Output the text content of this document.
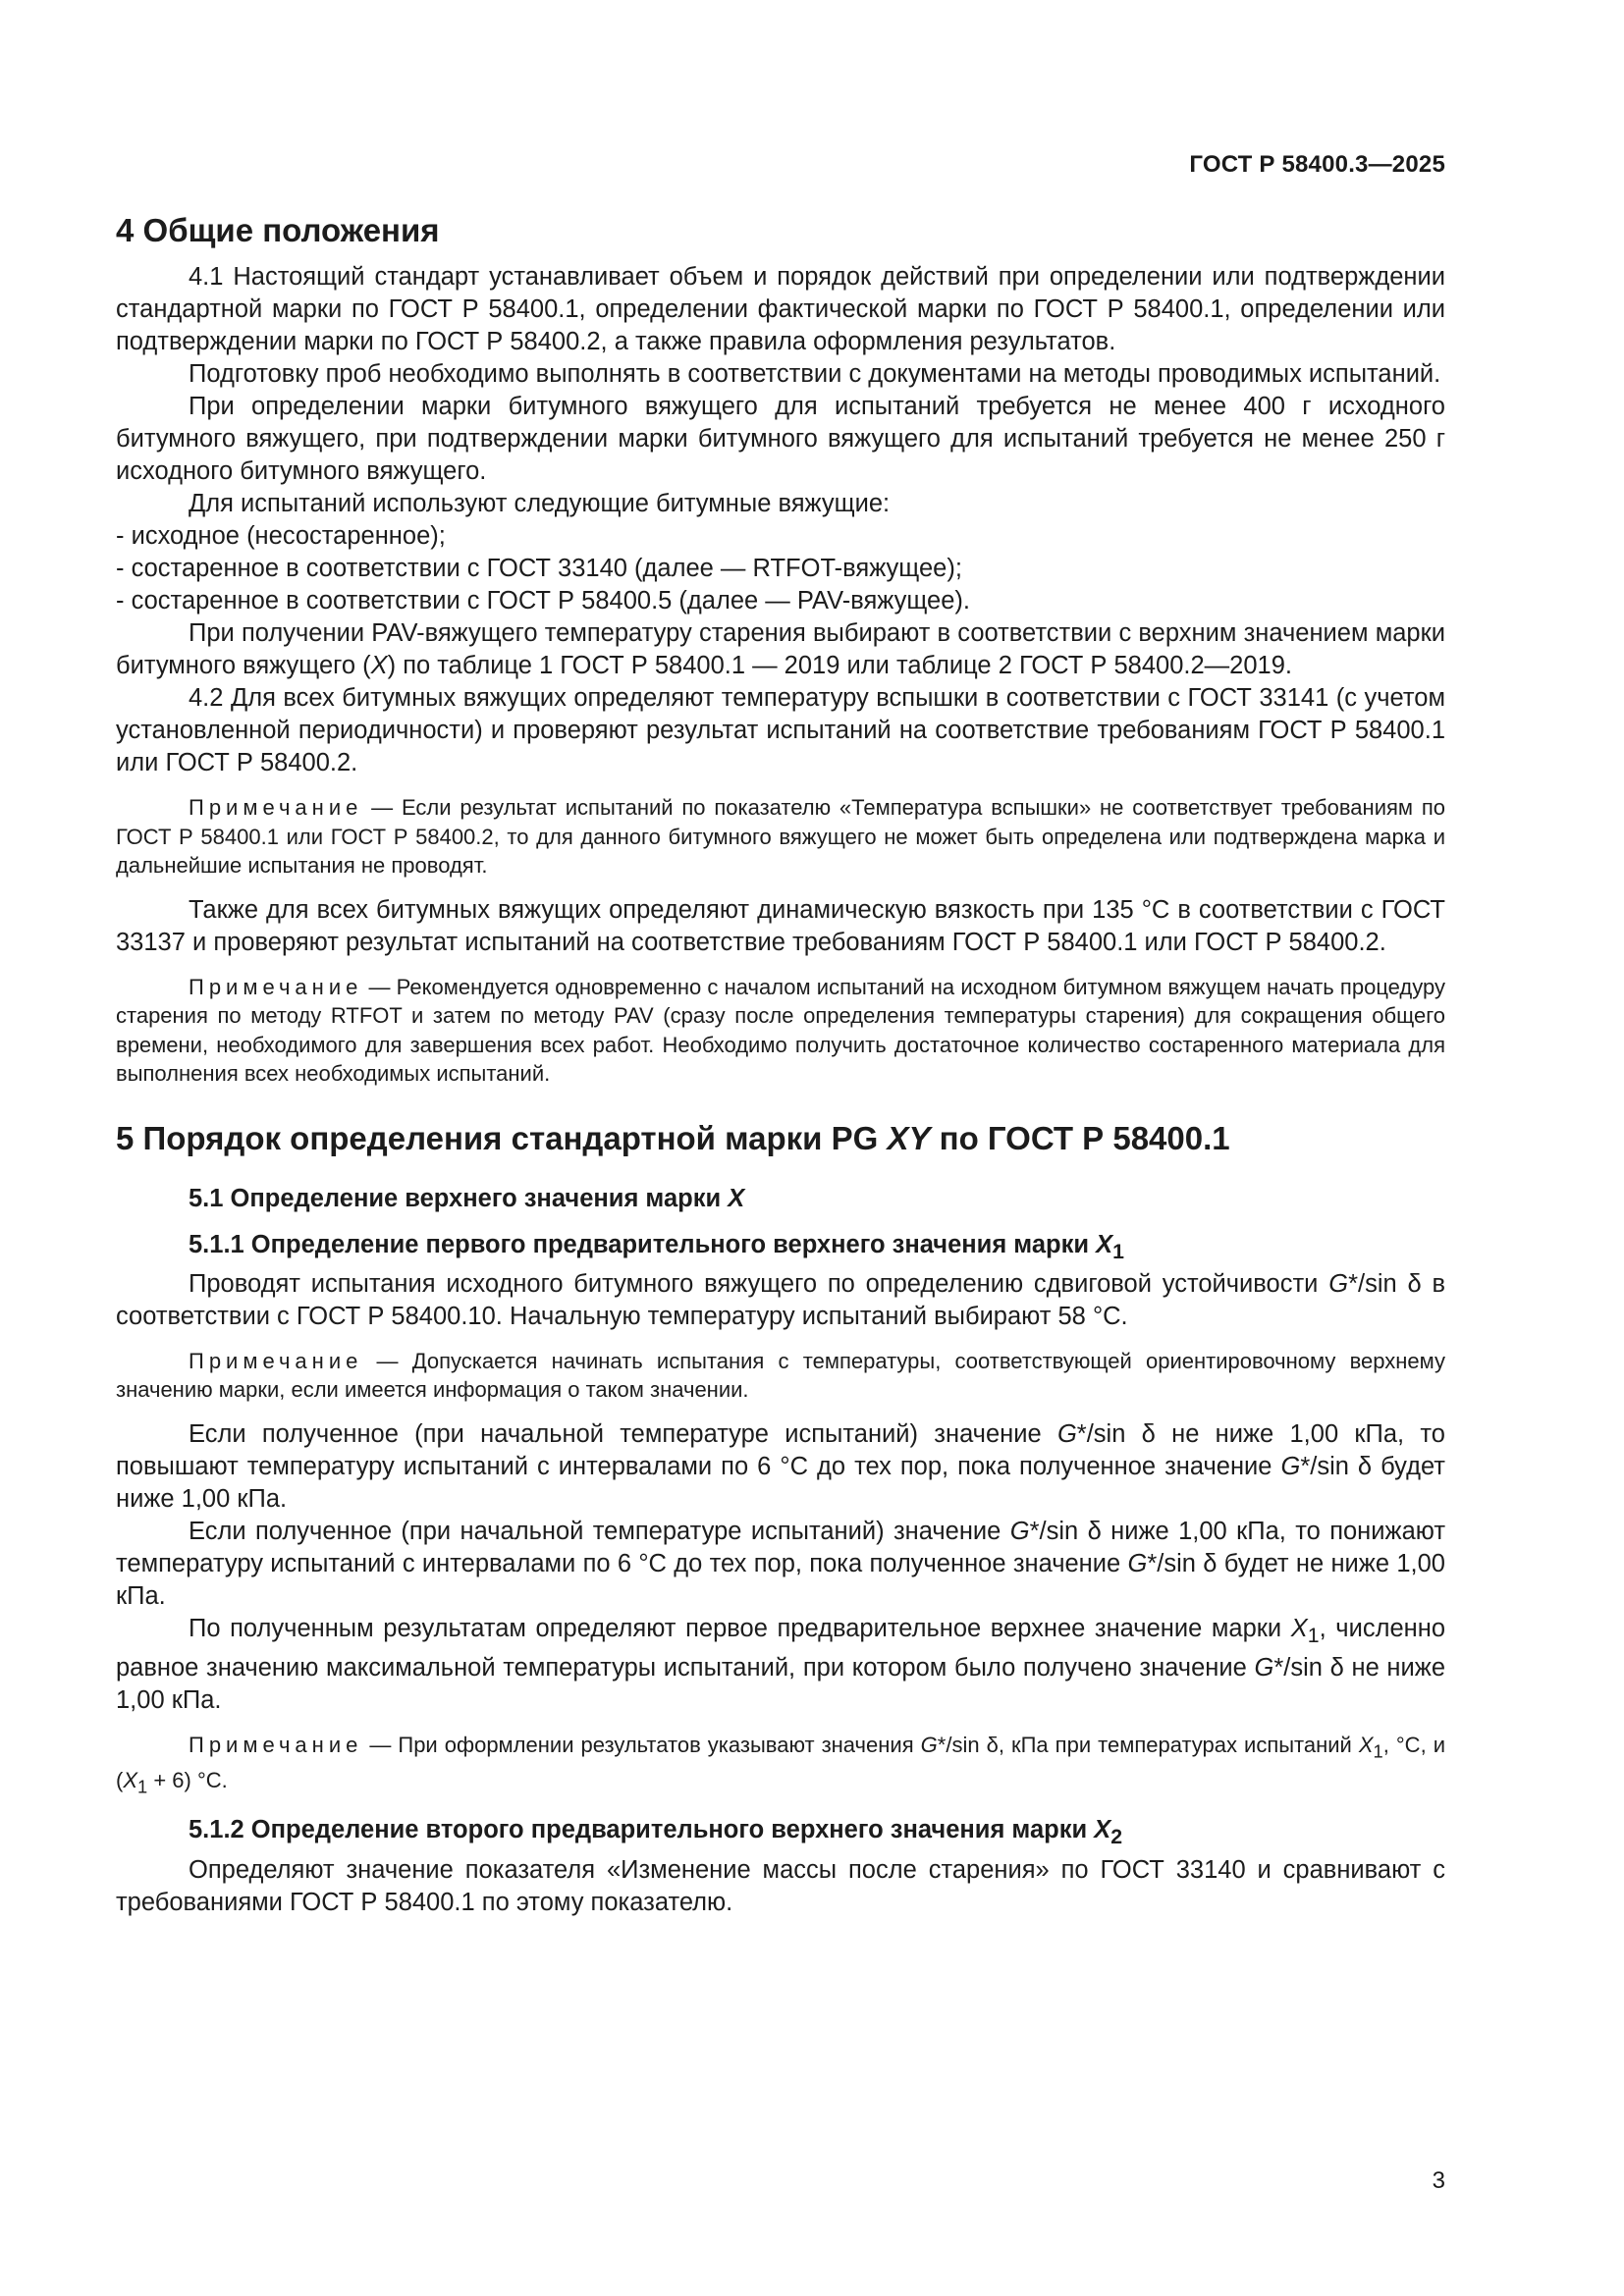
ГОСТ Р 58400.3—2025
4 Общие положения

4.1 Настоящий стандарт устанавливает объем и порядок действий при определении или подтверждении стандартной марки по ГОСТ Р 58400.1, определении фактической марки по ГОСТ Р 58400.1, определении или подтверждении марки по ГОСТ Р 58400.2, а также правила оформления результатов.

Подготовку проб необходимо выполнять в соответствии с документами на методы проводимых испытаний.

При определении марки битумного вяжущего для испытаний требуется не менее 400 г исходного битумного вяжущего, при подтверждении марки битумного вяжущего для испытаний требуется не менее 250 г исходного битумного вяжущего.

Для испытаний используют следующие битумные вяжущие:

- исходное (несостаренное);

- состаренное в соответствии с ГОСТ 33140 (далее — RTFOT-вяжущее);

- состаренное в соответствии с ГОСТ Р 58400.5 (далее — PAV-вяжущее).

При получении PAV-вяжущего температуру старения выбирают в соответствии с верхним значением марки битумного вяжущего (X) по таблице 1 ГОСТ Р 58400.1 — 2019 или таблице 2 ГОСТ Р 58400.2—2019.

4.2 Для всех битумных вяжущих определяют температуру вспышки в соответствии с ГОСТ 33141 (с учетом установленной периодичности) и проверяют результат испытаний на соответствие требованиям ГОСТ Р 58400.1 или ГОСТ Р 58400.2.

Примечание — Если результат испытаний по показателю «Температура вспышки» не соответствует требованиям по ГОСТ Р 58400.1 или ГОСТ Р 58400.2, то для данного битумного вяжущего не может быть определена или подтверждена марка и дальнейшие испытания не проводят.

Также для всех битумных вяжущих определяют динамическую вязкость при 135 °С в соответствии с ГОСТ 33137 и проверяют результат испытаний на соответствие требованиям ГОСТ Р 58400.1 или ГОСТ Р 58400.2.

Примечание — Рекомендуется одновременно с началом испытаний на исходном битумном вяжущем начать процедуру старения по методу RTFOT и затем по методу PAV (сразу после определения температуры старения) для сокращения общего времени, необходимого для завершения всех работ. Необходимо получить достаточное количество состаренного материала для выполнения всех необходимых испытаний.

5 Порядок определения стандартной марки PG XY по ГОСТ Р 58400.1
5.1 Определение верхнего значения марки X
5.1.1 Определение первого предварительного верхнего значения марки $X_1$

Проводят испытания исходного битумного вяжущего по определению сдвиговой устойчивости G*/sin δ в соответствии с ГОСТ Р 58400.10. Начальную температуру испытаний выбирают 58 °С.

Примечание — Допускается начинать испытания с температуры, соответствующей ориентировочному верхнему значению марки, если имеется информация о таком значении.

Если полученное (при начальной температуре испытаний) значение G*/sin δ не ниже 1,00 кПа, то повышают температуру испытаний с интервалами по 6 °С до тех пор, пока полученное значение G*/sin δ будет ниже 1,00 кПа.

Если полученное (при начальной температуре испытаний) значение G*/sin δ ниже 1,00 кПа, то понижают температуру испытаний с интервалами по 6 °С до тех пор, пока полученное значение G*/sin δ будет не ниже 1,00 кПа.

По полученным результатам определяют первое предварительное верхнее значение марки $X_1$, численно равное значению максимальной температуры испытаний, при котором было получено значение G*/sin δ не ниже 1,00 кПа.

Примечание — При оформлении результатов указывают значения G*/sin δ, кПа при температурах испытаний $X_1$, °С, и $(X_1 + 6)$ °С.

5.1.2 Определение второго предварительного верхнего значения марки $X_2$

Определяют значение показателя «Изменение массы после старения» по ГОСТ 33140 и сравнивают с требованиями ГОСТ Р 58400.1 по этому показателю.

3
